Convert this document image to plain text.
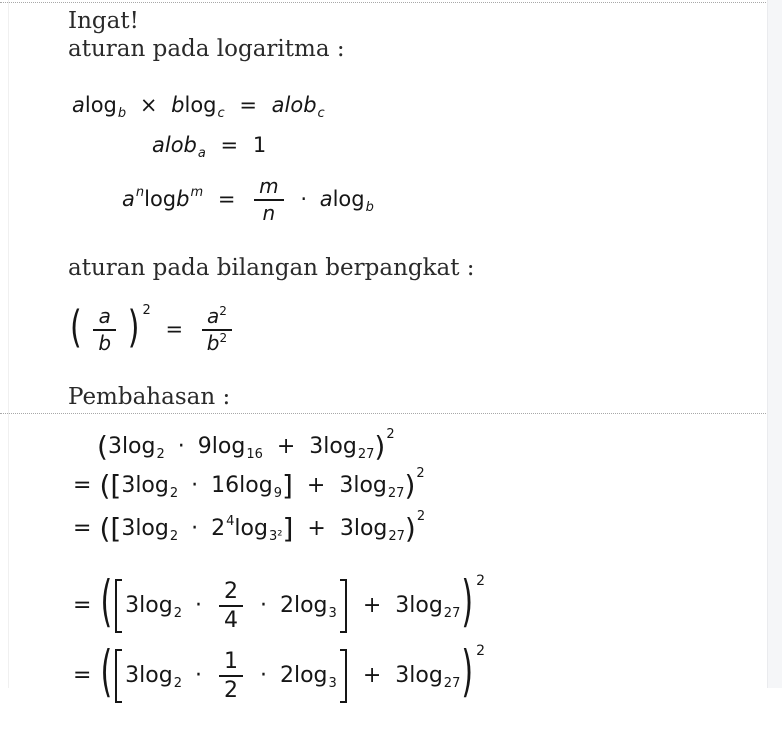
Ingat!
aturan pada logaritma :
aturan pada bilangan berpangkat :
Pembahasan :
alog$_b$ × blog$_c$ = alob$_c$
alob$_a$ = 1
$a^n\log b^m = \frac{m}{n} \cdot alog_b$
( $\frac{a}{b}$ ) $^2 = \frac{a^2}{b^2}$
$(3\log_2 \cdot 9\log_{16} + 3\log_{27})^2$
= $([3\log_2 \cdot 16\log_9] + 3\log_{27})^2$
= $([3\log_2 \cdot 2^4\log_{3^2}] + 3\log_{27})^2$
= ( $3\log_2 \cdot \frac{2}{4} \cdot 2\log_3 + 3\log_{27}$) $^2$
= ( $3\log_2 \cdot \frac{1}{2} \cdot 2\log_3 + 3\log_{27}$) $^2$
